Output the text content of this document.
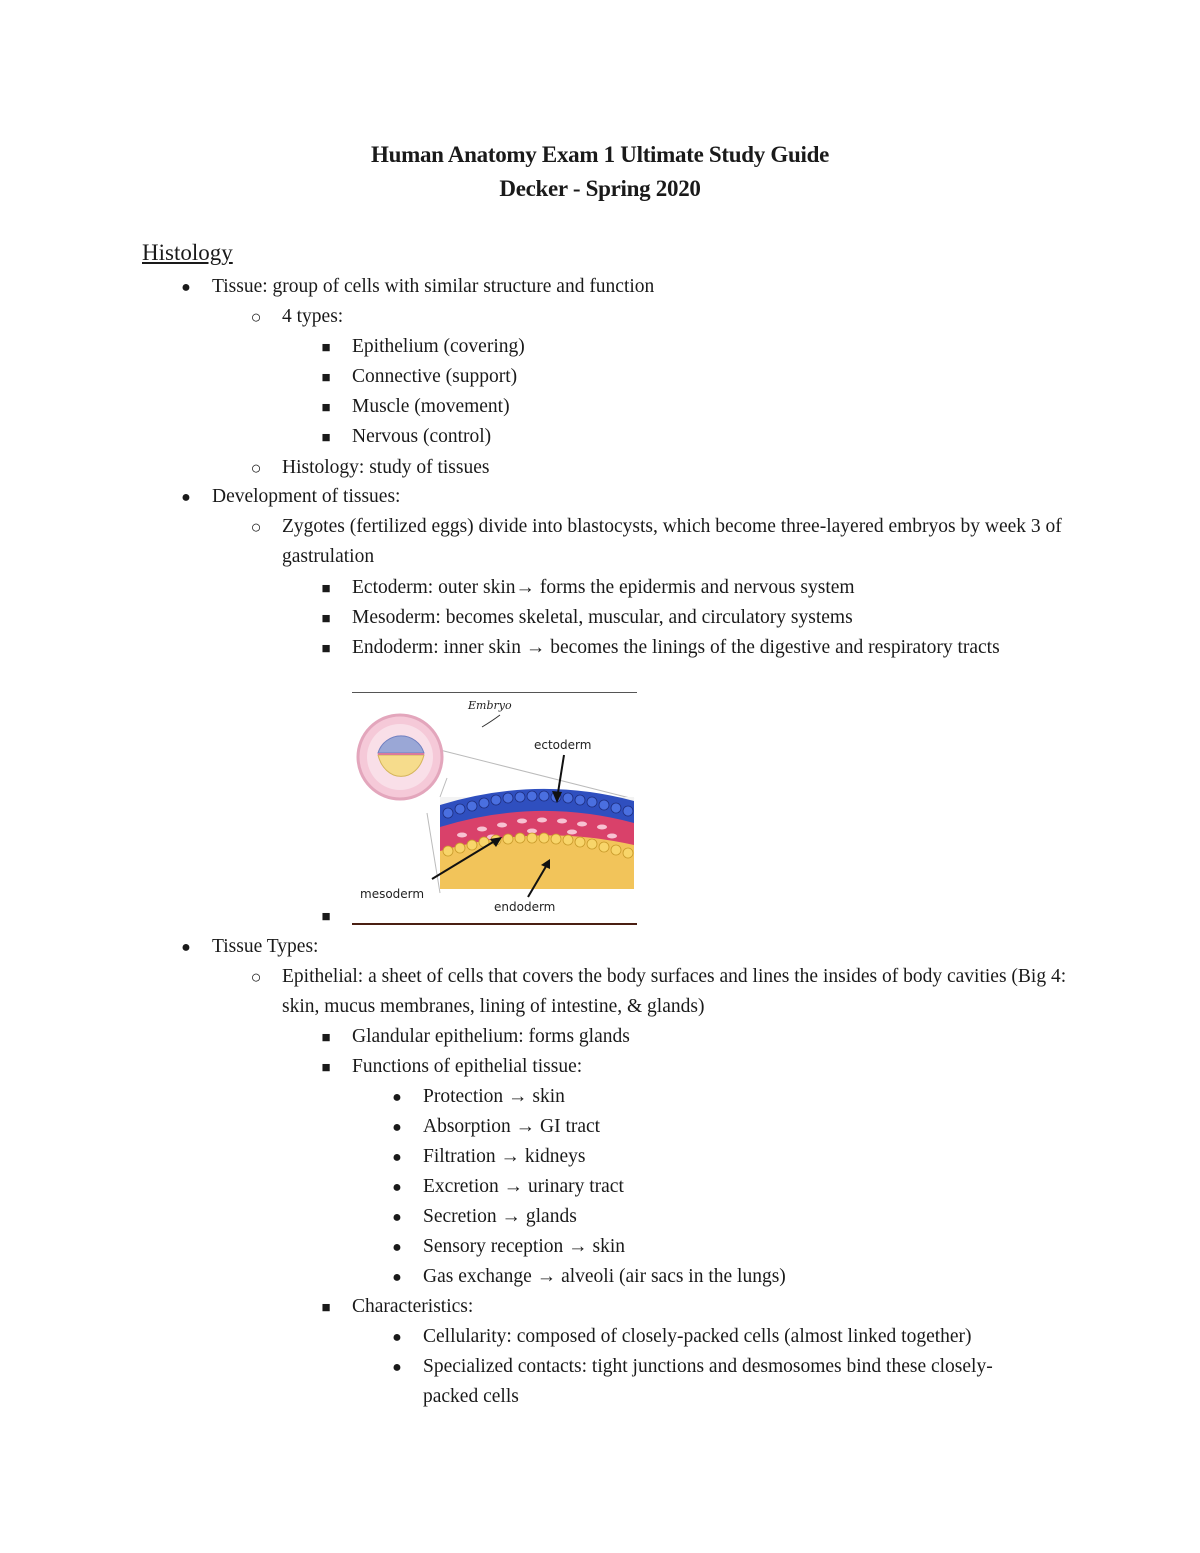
Human Anatomy Exam 1 Ultimate Study Guide
Decker - Spring 2020
Histology
●
Tissue: group of cells with similar structure and function
○
4 types:
■
Epithelium (covering)
■
Connective (support)
■
Muscle (movement)
■
Nervous (control)
○
Histology: study of tissues
●
Development of tissues:
○
Zygotes (fertilized eggs) divide into blastocysts, which become three-layered embryos by week 3 of gastrulation
■
Ectoderm: outer skin→ forms the epidermis and nervous system
■
Mesoderm: becomes skeletal, muscular, and circulatory systems
■
Endoderm: inner skin → becomes the linings of the digestive and respiratory tracts
■
Embryo
ectoderm
mesoderm
endoderm
●
Tissue Types:
○
Epithelial: a sheet of cells that covers the body surfaces and lines the insides of body cavities (Big 4: skin, mucus membranes, lining of intestine, & glands)
■
Glandular epithelium: forms glands
■
Functions of epithelial tissue:
●
Protection → skin
●
Absorption → GI tract
●
Filtration → kidneys
●
Excretion → urinary tract
●
Secretion → glands
●
Sensory reception → skin
●
Gas exchange → alveoli (air sacs in the lungs)
■
Characteristics:
●
Cellularity: composed of closely-packed cells (almost linked together)
●
Specialized contacts: tight junctions and desmosomes bind these closely-packed cells
